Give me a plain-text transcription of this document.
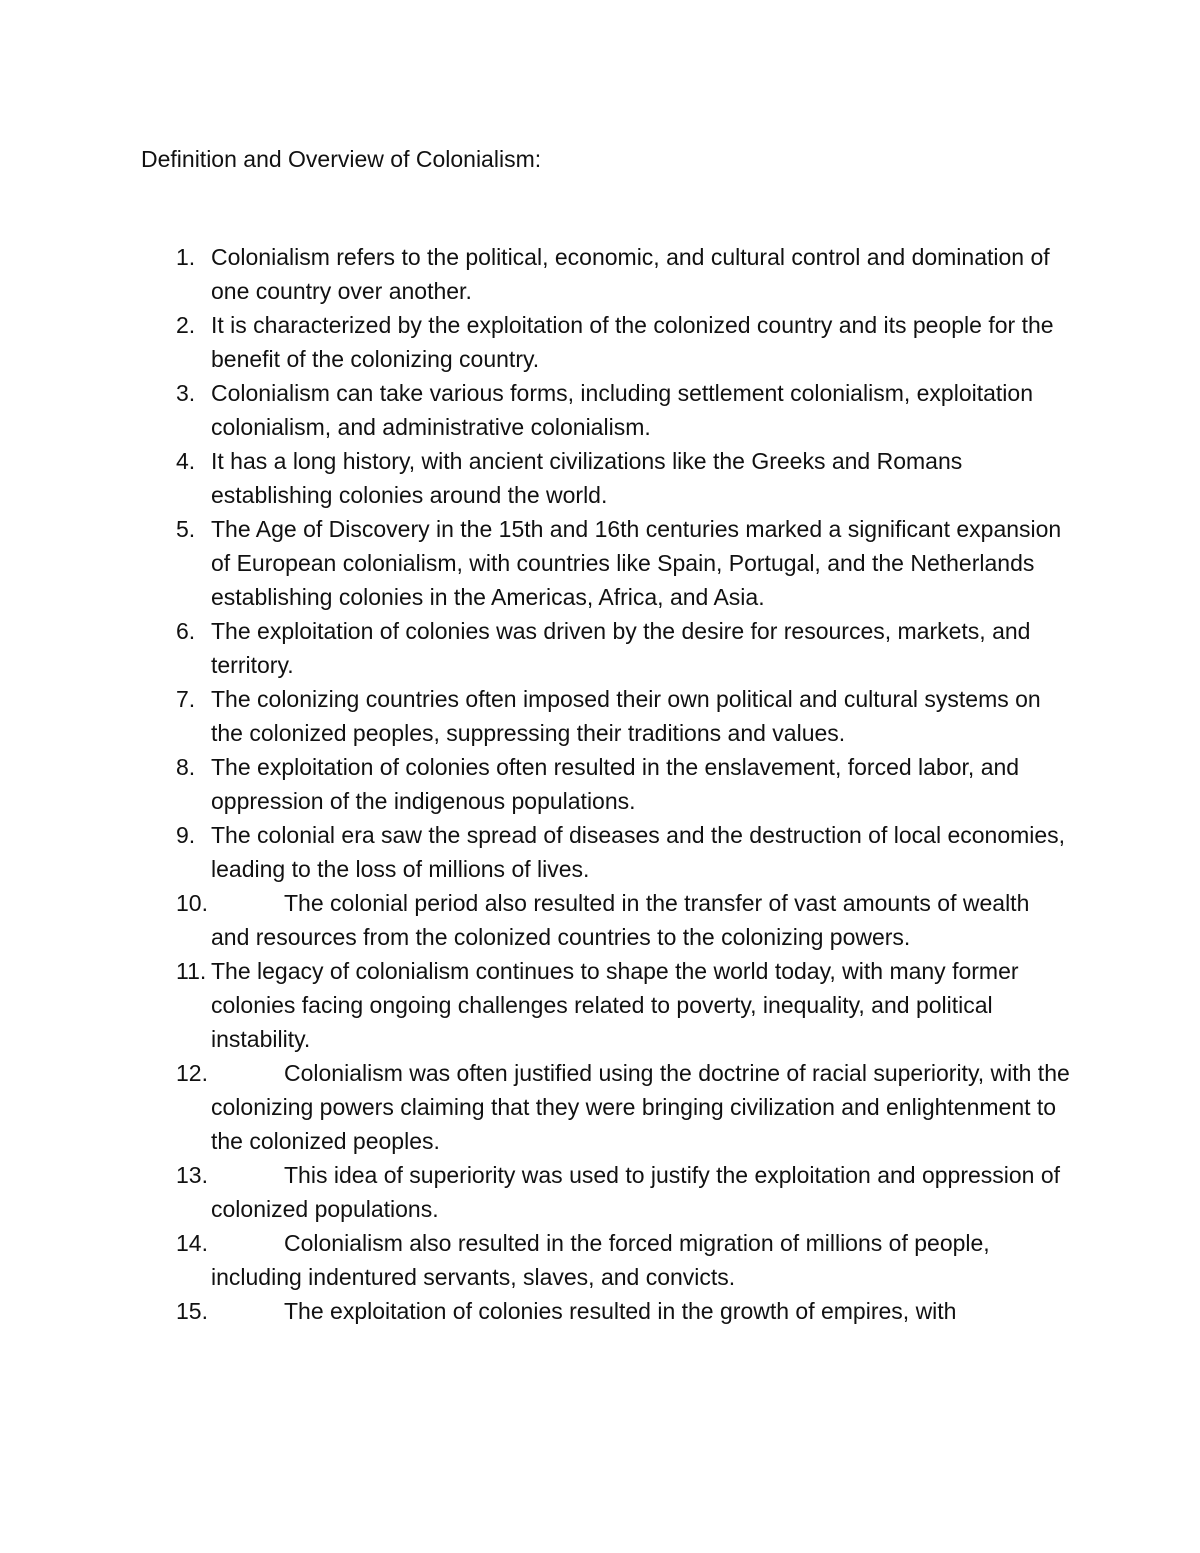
Definition and Overview of Colonialism:
1. Colonialism refers to the political, economic, and cultural control and domination of one country over another.
2. It is characterized by the exploitation of the colonized country and its people for the benefit of the colonizing country.
3. Colonialism can take various forms, including settlement colonialism, exploitation colonialism, and administrative colonialism.
4. It has a long history, with ancient civilizations like the Greeks and Romans establishing colonies around the world.
5. The Age of Discovery in the 15th and 16th centuries marked a significant expansion of European colonialism, with countries like Spain, Portugal, and the Netherlands establishing colonies in the Americas, Africa, and Asia.
6. The exploitation of colonies was driven by the desire for resources, markets, and territory.
7. The colonizing countries often imposed their own political and cultural systems on the colonized peoples, suppressing their traditions and values.
8. The exploitation of colonies often resulted in the enslavement, forced labor, and oppression of the indigenous populations.
9. The colonial era saw the spread of diseases and the destruction of local economies, leading to the loss of millions of lives.
10.	The colonial period also resulted in the transfer of vast amounts of wealth and resources from the colonized countries to the colonizing powers.
11. The legacy of colonialism continues to shape the world today, with many former colonies facing ongoing challenges related to poverty, inequality, and political instability.
12.	Colonialism was often justified using the doctrine of racial superiority, with the colonizing powers claiming that they were bringing civilization and enlightenment to the colonized peoples.
13.	This idea of superiority was used to justify the exploitation and oppression of colonized populations.
14.	Colonialism also resulted in the forced migration of millions of people, including indentured servants, slaves, and convicts.
15.	The exploitation of colonies resulted in the growth of empires, with
